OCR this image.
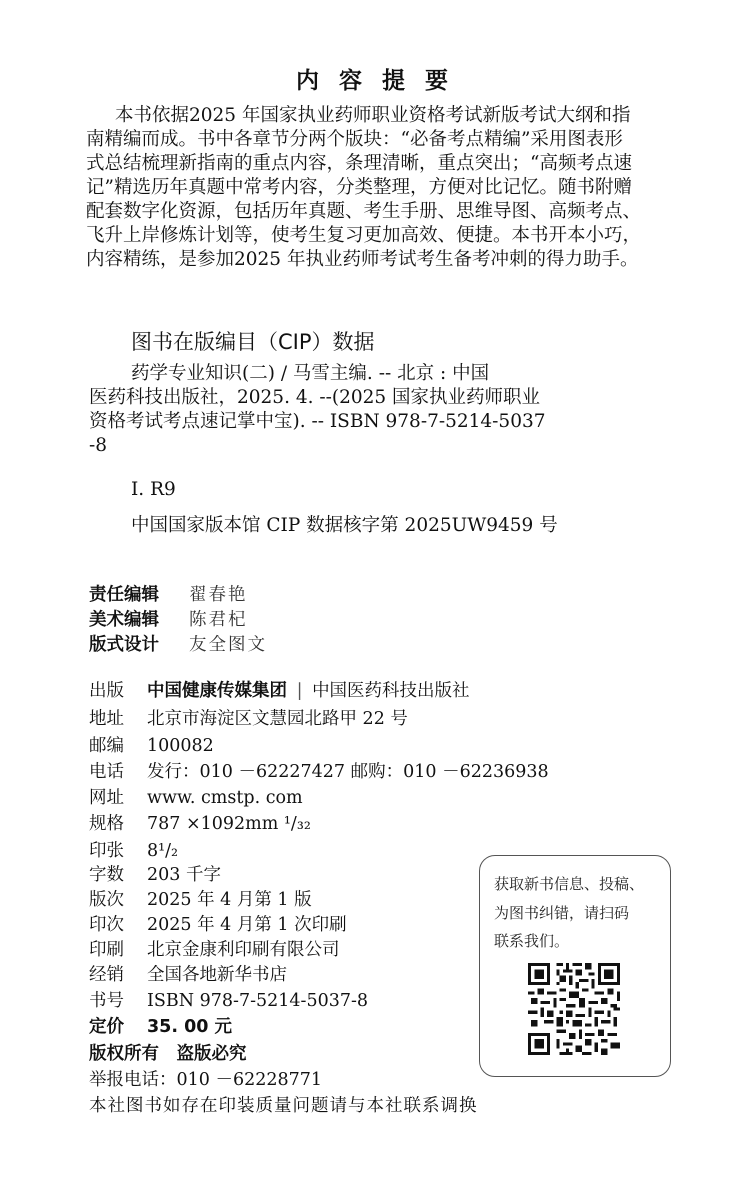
内 容 提 要
本书依据2025 年国家执业药师职业资格考试新版考试大纲和指
南精编而成。书中各章节分两个版块：“必备考点精编”采用图表形
式总结梳理新指南的重点内容，条理清晰，重点突出；“高频考点速
记”精选历年真题中常考内容，分类整理，方便对比记忆。随书附赠
配套数字化资源，包括历年真题、考生手册、思维导图、高频考点、
飞升上岸修炼计划等，使考生复习更加高效、便捷。本书开本小巧，
内容精练，是参加2025 年执业药师考试考生备考冲刺的得力助手。
图书在版编目（CIP）数据
药学专业知识(二) / 马雪主编. -- 北京 : 中国
医药科技出版社，2025. 4. --(2025 国家执业药师职业
资格考试考点速记掌中宝). -- ISBN 978-7-5214-5037
-8
Ⅰ. R9
中国国家版本馆 CIP 数据核字第 2025UW9459 号
责任编辑 翟春艳
美术编辑 陈君杞
版式设计 友全图文
出版 中国健康传媒集团 | 中国医药科技出版社
地址 北京市海淀区文慧园北路甲 22 号
邮编 100082
电话 发行：010 －62227427 邮购：010 －62236938
网址 www. cmstp. com
规格 787 ×1092mm ¹/₃₂
印张 8¹/₂
字数 203 千字
版次 2025 年 4 月第 1 版
印次 2025 年 4 月第 1 次印刷
印刷 北京金康利印刷有限公司
经销 全国各地新华书店
书号 ISBN 978-7-5214-5037-8
定价 35. 00 元
版权所有　盗版必究
举报电话：010 －62228771
本社图书如存在印装质量问题请与本社联系调换
获取新书信息、投稿、
为图书纠错，请扫码
联系我们。
